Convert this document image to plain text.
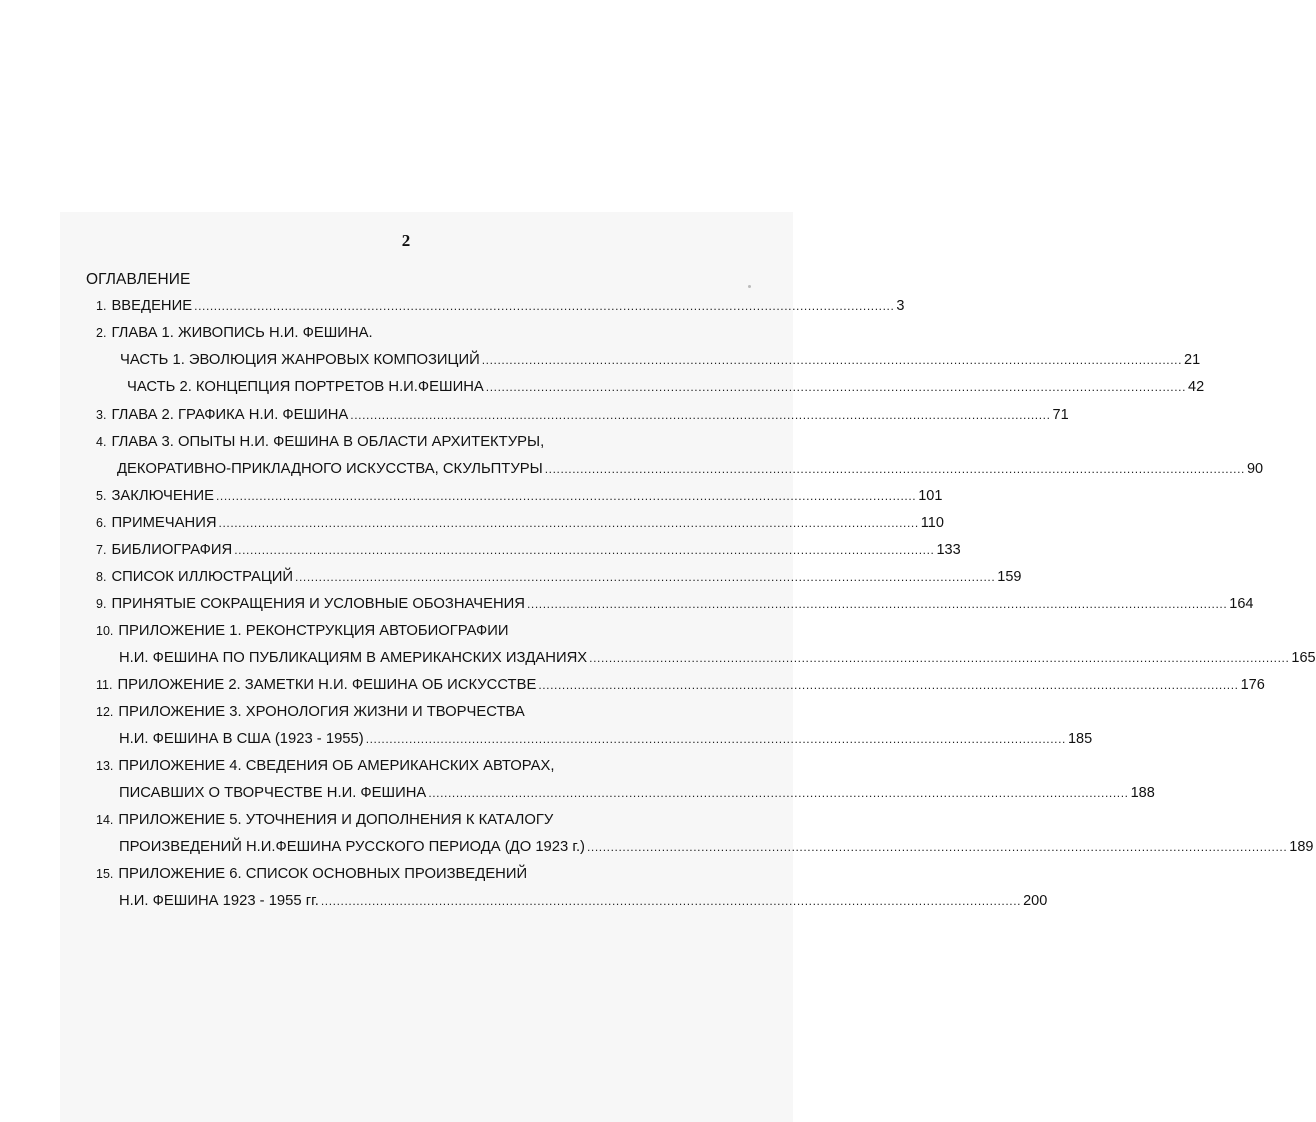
2
ОГЛАВЛЕНИЕ
1. ВВЕДЕНИЕ .................................................................................................................................................................................. 3
2. ГЛАВА 1. ЖИВОПИСЬ Н.И. ФЕШИНА.
ЧАСТЬ 1. ЭВОЛЮЦИЯ ЖАНРОВЫХ КОМПОЗИЦИЙ .................................................................................................................................................................................. 21
ЧАСТЬ 2. КОНЦЕПЦИЯ ПОРТРЕТОВ Н.И.ФЕШИНА .................................................................................................................................................................................. 42
3. ГЛАВА 2. ГРАФИКА Н.И. ФЕШИНА .................................................................................................................................................................................. 71
4. ГЛАВА 3. ОПЫТЫ Н.И. ФЕШИНА В ОБЛАСТИ АРХИТЕКТУРЫ,
ДЕКОРАТИВНО-ПРИКЛАДНОГО ИСКУССТВА, СКУЛЬПТУРЫ .................................................................................................................................................................................. 90
5. ЗАКЛЮЧЕНИЕ .................................................................................................................................................................................. 101
6. ПРИМЕЧАНИЯ .................................................................................................................................................................................. 110
7. БИБЛИОГРАФИЯ .................................................................................................................................................................................. 133
8. СПИСОК ИЛЛЮСТРАЦИЙ .................................................................................................................................................................................. 159
9. ПРИНЯТЫЕ СОКРАЩЕНИЯ И УСЛОВНЫЕ ОБОЗНАЧЕНИЯ .................................................................................................................................................................................. 164
10. ПРИЛОЖЕНИЕ 1. РЕКОНСТРУКЦИЯ АВТОБИОГРАФИИ
Н.И. ФЕШИНА ПО ПУБЛИКАЦИЯМ В АМЕРИКАНСКИХ ИЗДАНИЯХ .................................................................................................................................................................................. 165
11. ПРИЛОЖЕНИЕ 2. ЗАМЕТКИ Н.И. ФЕШИНА ОБ ИСКУССТВЕ .................................................................................................................................................................................. 176
12. ПРИЛОЖЕНИЕ 3. ХРОНОЛОГИЯ ЖИЗНИ И ТВОРЧЕСТВА
Н.И. ФЕШИНА В США (1923 - 1955) .................................................................................................................................................................................. 185
13. ПРИЛОЖЕНИЕ 4. СВЕДЕНИЯ ОБ АМЕРИКАНСКИХ АВТОРАХ,
ПИСАВШИХ О ТВОРЧЕСТВЕ Н.И. ФЕШИНА .................................................................................................................................................................................. 188
14. ПРИЛОЖЕНИЕ 5. УТОЧНЕНИЯ И ДОПОЛНЕНИЯ К КАТАЛОГУ
ПРОИЗВЕДЕНИЙ Н.И.ФЕШИНА РУССКОГО ПЕРИОДА (ДО 1923 г.) .................................................................................................................................................................................. 189
15. ПРИЛОЖЕНИЕ 6. СПИСОК ОСНОВНЫХ ПРОИЗВЕДЕНИЙ
Н.И. ФЕШИНА 1923 - 1955 гг. .................................................................................................................................................................................. 200
